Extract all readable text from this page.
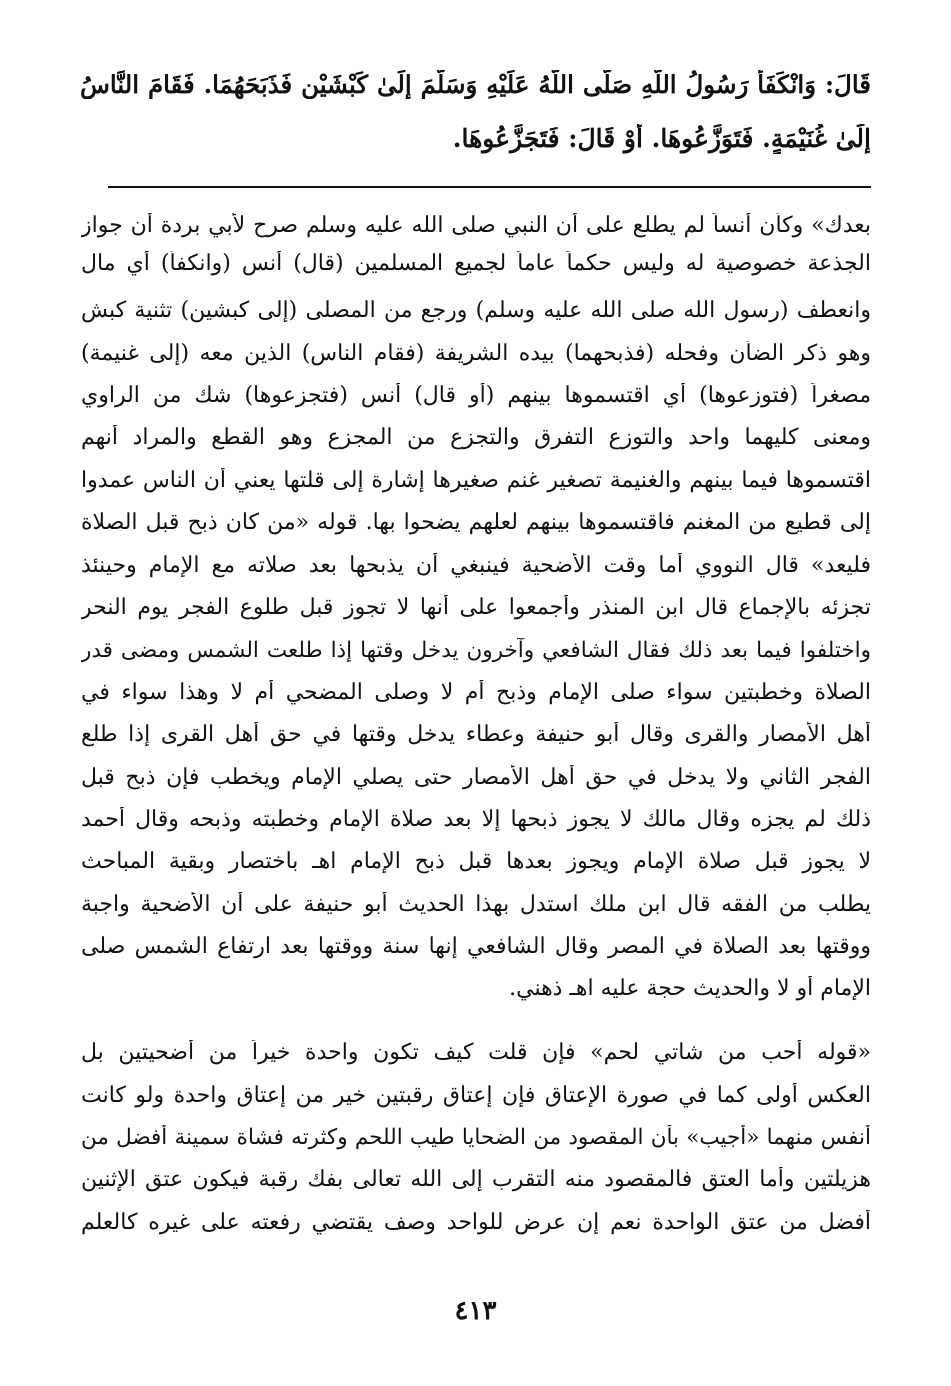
قَالَ: وَانْكَفَأَ رَسُولُ اللَّهِ صَلَّى اللَّهُ عَلَيْهِ وَسَلَّمَ إِلَىٰ كَبْشَيْنِ فَذَبَحَهُمَا. فَقَامَ النَّاسُ
إِلَىٰ غُنَيْمَةٍ. فَتَوَزَّعُوهَا. أَوْ قَالَ: فَتَجَزَّعُوهَا.
بعدك» وكأن أنساً لم يطلع على أن النبي صلى الله عليه وسلم صرح لأبي بردة أن جواز
الجذعة خصوصية له وليس حكماً عاماً لجميع المسلمين (قال) أنس (وانكفأ) أي مال
وانعطف (رسول الله صلى الله عليه وسلم) ورجع من المصلى (إلى كبشين) تثنية كبش
وهو ذكر الضأن وفحله (فذبحهما) بيده الشريفة (فقام الناس) الذين معه (إلى غنيمة)
مصغراً (فتوزعوها) أي اقتسموها بينهم (أو قال) أنس (فتجزعوها) شك من الراوي
ومعنى كليهما واحد والتوزع التفرق والتجزع من المجزع وهو القطع والمراد أنهم
اقتسموها فيما بينهم والغنيمة تصغير غنم صغيرها إشارة إلى قلتها يعني أن الناس عمدوا
إلى قطيع من المغنم فاقتسموها بينهم لعلهم يضحوا بها. قوله «من كان ذبح قبل الصلاة
فليعد» قال النووي أما وقت الأضحية فينبغي أن يذبحها بعد صلاته مع الإمام وحينئذ
تجزئه بالإجماع قال ابن المنذر وأجمعوا على أنها لا تجوز قبل طلوع الفجر يوم النحر
واختلفوا فيما بعد ذلك فقال الشافعي وآخرون يدخل وقتها إذا طلعت الشمس ومضى قدر
الصلاة وخطبتين سواء صلى الإمام وذبح أم لا وصلى المضحي أم لا وهذا سواء في
أهل الأمصار والقرى وقال أبو حنيفة وعطاء يدخل وقتها في حق أهل القرى إذا طلع
الفجر الثاني ولا يدخل في حق أهل الأمصار حتى يصلي الإمام ويخطب فإن ذبح قبل
ذلك لم يجزه وقال مالك لا يجوز ذبحها إلا بعد صلاة الإمام وخطبته وذبحه وقال أحمد
لا يجوز قبل صلاة الإمام ويجوز بعدها قبل ذبح الإمام اهـ باختصار وبقية المباحث
يطلب من الفقه قال ابن ملك استدل بهذا الحديث أبو حنيفة على أن الأضحية واجبة
ووقتها بعد الصلاة في المصر وقال الشافعي إنها سنة ووقتها بعد ارتفاع الشمس صلى
الإمام أو لا والحديث حجة عليه اهـ ذهني.
«قوله أحب من شاتي لحم» فإن قلت كيف تكون واحدة خيراً من أضحيتين بل
العكس أولى كما في صورة الإعتاق فإن إعتاق رقبتين خير من إعتاق واحدة ولو كانت
أنفس منهما «أجيب» بأن المقصود من الضحايا طيب اللحم وكثرته فشاة سمينة أفضل من
هزيلتين وأما العتق فالمقصود منه التقرب إلى الله تعالى بفك رقبة فيكون عتق الإثنين
أفضل من عتق الواحدة نعم إن عرض للواحد وصف يقتضي رفعته على غيره كالعلم
٤١٣
